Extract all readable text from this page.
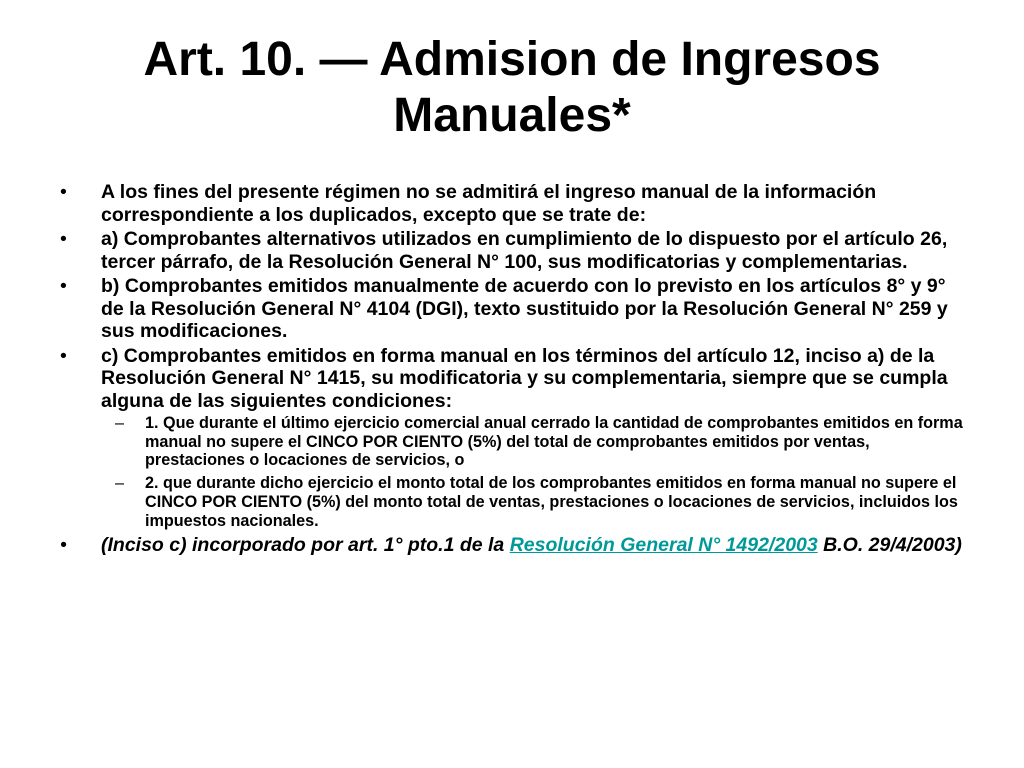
Art. 10. — Admision de Ingresos Manuales*
• A los fines del presente régimen no se admitirá el ingreso manual de la información correspondiente a los duplicados, excepto que se trate de:
• a) Comprobantes alternativos utilizados en cumplimiento de lo dispuesto por el artículo 26, tercer párrafo, de la Resolución General N° 100, sus modificatorias y complementarias.
• b) Comprobantes emitidos manualmente de acuerdo con lo previsto en los artículos 8° y 9° de la Resolución General N° 4104 (DGI), texto sustituido por la Resolución General N° 259 y sus modificaciones.
• c) Comprobantes emitidos en forma manual en los términos del artículo 12, inciso a) de la Resolución General N° 1415, su modificatoria y su complementaria, siempre que se cumpla alguna de las siguientes condiciones:
– 1. Que durante el último ejercicio comercial anual cerrado la cantidad de comprobantes emitidos en forma manual no supere el CINCO POR CIENTO (5%) del total de comprobantes emitidos por ventas, prestaciones o locaciones de servicios, o
– 2. que durante dicho ejercicio el monto total de los comprobantes emitidos en forma manual no supere el CINCO POR CIENTO (5%) del monto total de ventas, prestaciones o locaciones de servicios, incluidos los impuestos nacionales.
• (Inciso c) incorporado por art. 1° pto.1 de la Resolución General N° 1492/2003 B.O. 29/4/2003)
